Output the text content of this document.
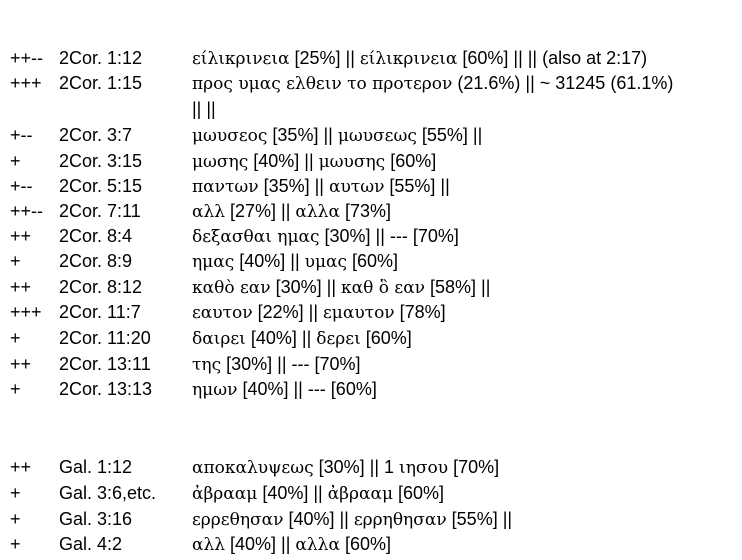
++-- 2Cor. 1:12	είλικρινεια [25%] || είλικρινεια [60%] || || (also at 2:17)
+++ 2Cor. 1:15	προς υμας ελθειν το προτερον (21.6%) || ~ 31245 (61.1%)
|| ||
+-- 2Cor. 3:7	μωυσεος [35%] || μωυσεως [55%] ||
+ 2Cor. 3:15	μωσης [40%] || μωυσης [60%]
+-- 2Cor. 5:15	παντων [35%] || αυτων [55%] ||
++-- 2Cor. 7:11	αλλ [27%] || αλλα [73%]
++ 2Cor. 8:4	δεξασθαι ημας [30%] || --- [70%]
+ 2Cor. 8:9	ημας [40%] || υμας [60%]
++ 2Cor. 8:12	καθὸ εαν [30%] || καθ ὃ εαν [58%] ||
+++ 2Cor. 11:7	εαυτον [22%] || εμαυτον [78%]
+ 2Cor. 11:20 δαιρει [40%] || δερει [60%]
++ 2Cor. 13:11 της [30%] || --- [70%]
+ 2Cor. 13:13 ημων [40%] || --- [60%]
++ Gal. 1:12	αποκαλυψεως [30%] || 1 ιησου [70%]
+ Gal. 3:6,etc. ἀβρααμ [40%] || ἀβρααμ [60%]
+ Gal. 3:16	ερρεθησαν [40%] || ερρηθησαν [55%] ||
+ Gal. 4:2	αλλ [40%] || αλλα [60%]
